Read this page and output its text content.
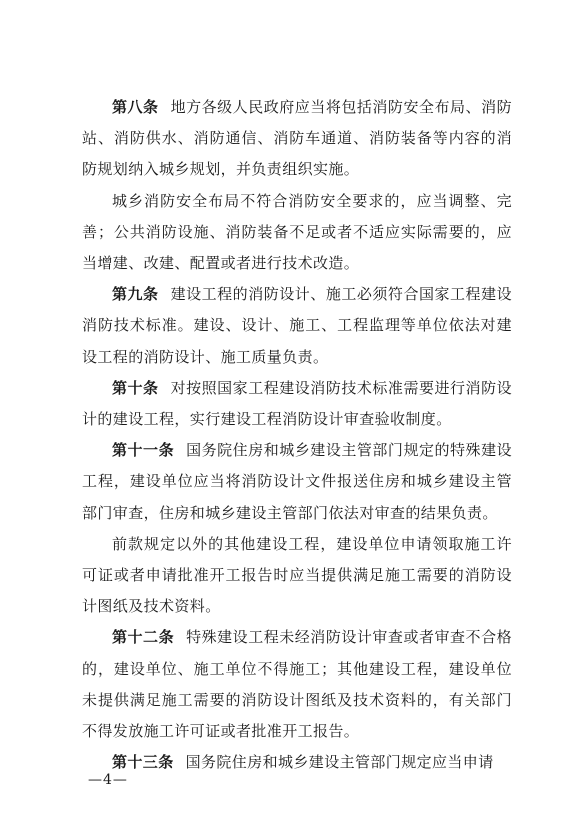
第八条 地方各级人民政府应当将包括消防安全布局、消防站、消防供水、消防通信、消防车通道、消防装备等内容的消防规划纳入城乡规划，并负责组织实施。

城乡消防安全布局不符合消防安全要求的，应当调整、完善；公共消防设施、消防装备不足或者不适应实际需要的，应当增建、改建、配置或者进行技术改造。

第九条 建设工程的消防设计、施工必须符合国家工程建设消防技术标准。建设、设计、施工、工程监理等单位依法对建设工程的消防设计、施工质量负责。

第十条 对按照国家工程建设消防技术标准需要进行消防设计的建设工程，实行建设工程消防设计审查验收制度。

第十一条 国务院住房和城乡建设主管部门规定的特殊建设工程，建设单位应当将消防设计文件报送住房和城乡建设主管部门审查，住房和城乡建设主管部门依法对审查的结果负责。

前款规定以外的其他建设工程，建设单位申请领取施工许可证或者申请批准开工报告时应当提供满足施工需要的消防设计图纸及技术资料。

第十二条 特殊建设工程未经消防设计审查或者审查不合格的，建设单位、施工单位不得施工；其他建设工程，建设单位未提供满足施工需要的消防设计图纸及技术资料的，有关部门不得发放施工许可证或者批准开工报告。

第十三条 国务院住房和城乡建设主管部门规定应当申请

—4—
